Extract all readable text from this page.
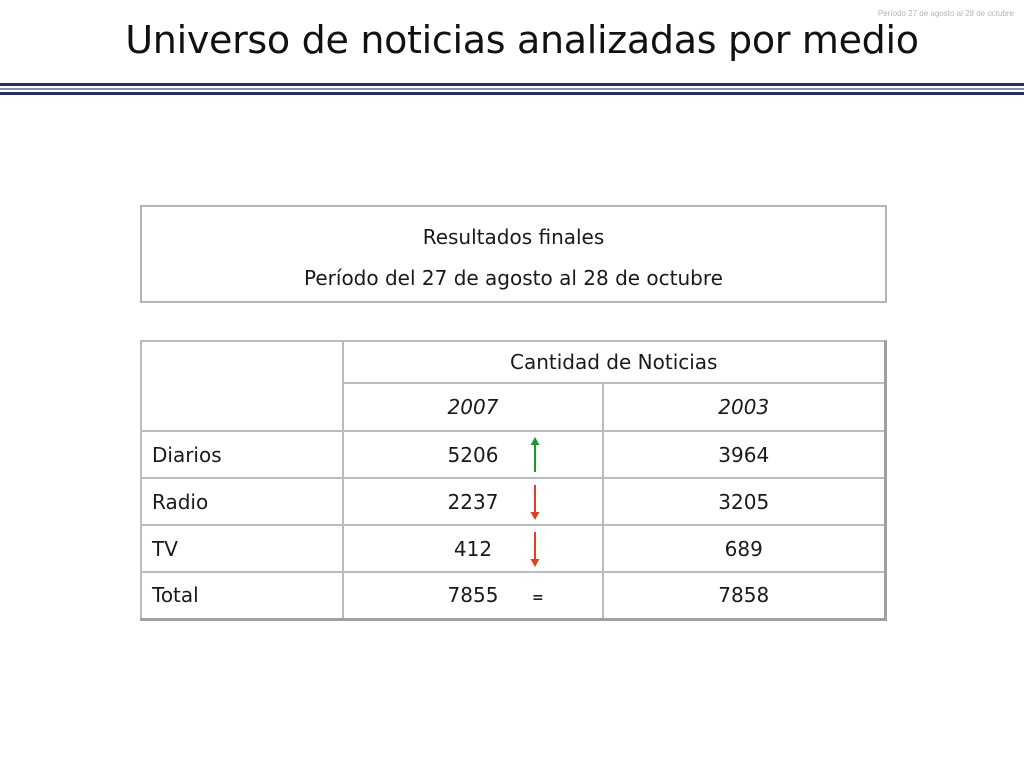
Período 27 de agosto al 28 de octubre
Universo de noticias analizadas por medio
Resultados finales
Período del 27 de agosto al 28 de octubre
	Cantidad de Noticias	
	2007	2003
Diarios	5206	3964
Radio	2237	3205
TV	412	689
Total	7855 =	7858
